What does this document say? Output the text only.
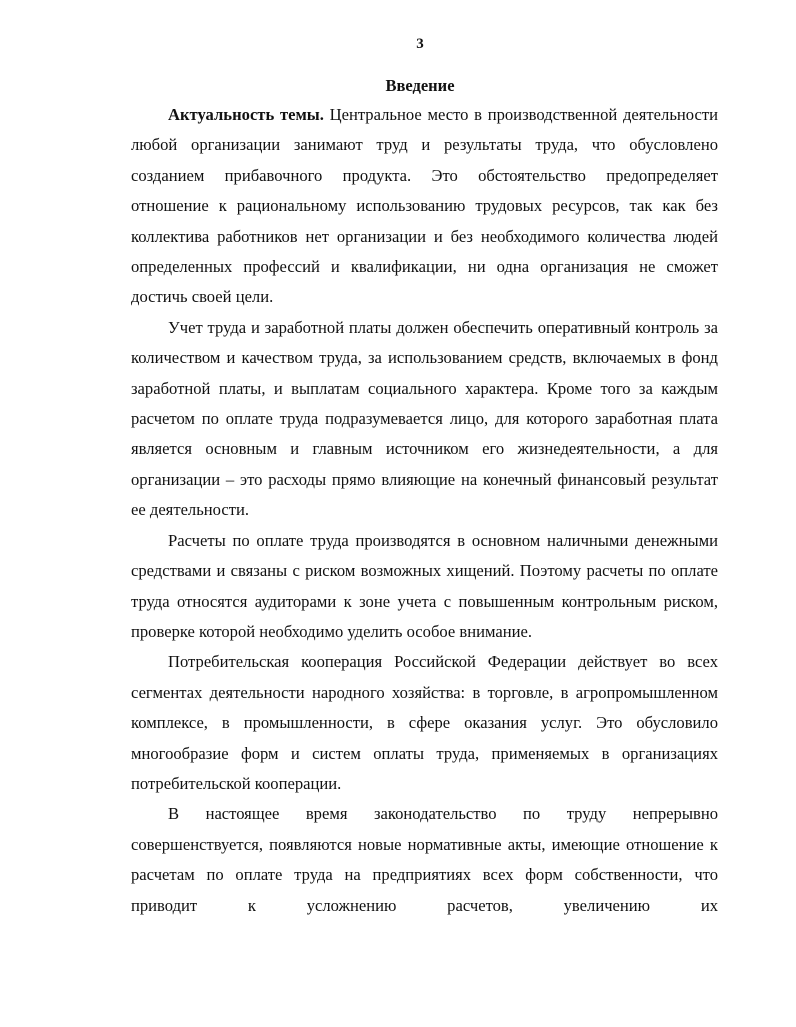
3
Введение

Актуальность темы. Центральное место в производственной деятельности любой организации занимают труд и результаты труда, что обусловлено созданием прибавочного продукта. Это обстоятельство предопределяет отношение к рациональному использованию трудовых ресурсов, так как без коллектива работников нет организации и без необходимого количества людей определенных профессий и квалификации, ни одна организация не сможет достичь своей цели.

Учет труда и заработной платы должен обеспечить оперативный контроль за количеством и качеством труда, за использованием средств, включаемых в фонд заработной платы, и выплатам социального характера. Кроме того за каждым расчетом по оплате труда подразумевается лицо, для которого заработная плата является основным и главным источником его жизнедеятельности, а для организации – это расходы прямо влияющие на конечный финансовый результат ее деятельности.

Расчеты по оплате труда производятся в основном наличными денежными средствами и связаны с риском возможных хищений. Поэтому расчеты по оплате труда относятся аудиторами к зоне учета с повышенным контрольным риском, проверке которой необходимо уделить особое внимание.

Потребительская кооперация Российской Федерации действует во всех сегментах деятельности народного хозяйства: в торговле, в агропромышленном комплексе, в промышленности, в сфере оказания услуг. Это обусловило многообразие форм и систем оплаты труда, применяемых в организациях потребительской кооперации.

В настоящее время законодательство по труду непрерывно совершенствуется, появляются новые нормативные акты, имеющие отношение к расчетам по оплате труда на предприятиях всех форм собственности, что приводит к усложнению расчетов, увеличению их
